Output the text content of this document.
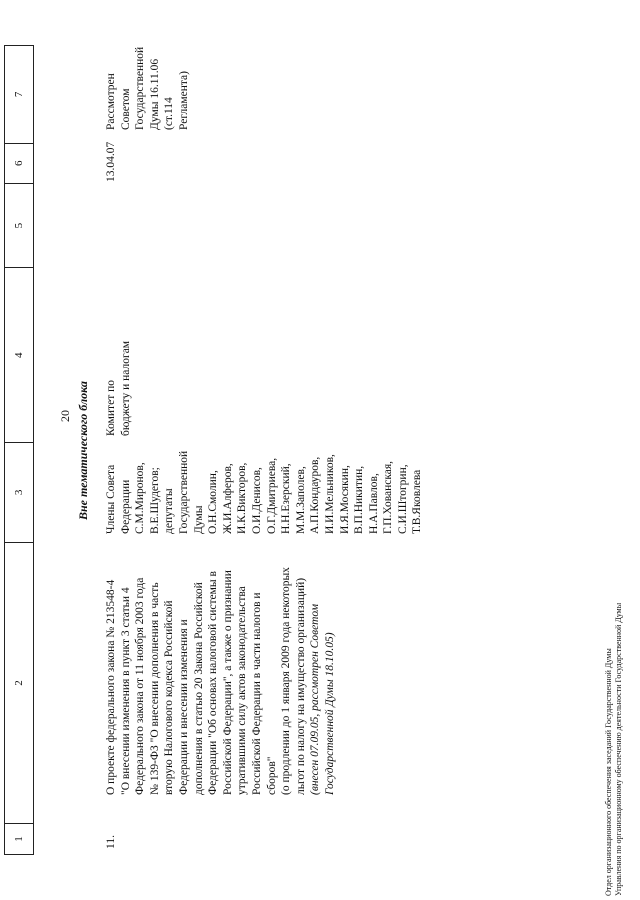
1
2
3
4
5
6
7
20 Вне тематического блока
11.
О проекте федерального закона № 213548-4 "О внесении изменения в пункт 3 статьи 4 Федерального закона от 11 ноября 2003 года № 139-ФЗ "О внесении дополнения в часть вторую Налогового кодекса Российской Федерации и внесении изменения и дополнения в статью 20 Закона Российской Федерации "Об основах налоговой системы в Российской Федерации", а также о признании утратившими силу актов законодательства Российской Федерации в части налогов и сборов" (о продлении до 1 января 2009 года некоторых льгот по налогу на имущество организаций) (внесен 07.09.05, рассмотрен Советом Государственной Думы 18.10.05)
Члены Совета Федерации С.М.Миронов, В.Е.Шудегов; депутаты Государственной Думы О.Н.Смолин, Ж.И.Алферов, И.К.Викторов, О.И.Денисов, О.Г.Дмитриева, Н.Н.Езерский, М.М.Заполев, А.П.Кондауров, И.И.Мельников, И.Я.Мосякин, В.П.Никитин, Н.А.Павлов, Г.П.Хованская, С.И.Штогрин, Т.В.Яковлева
Комитет по бюджету и налогам
13.04.07
Рассмотрен Советом Государственной Думы 16.11.06 (ст.114 Регламента)
Отдел организационного обеспечения заседаний Государственной Думы Управления по организационному обеспечению деятельности Государственной Думы
